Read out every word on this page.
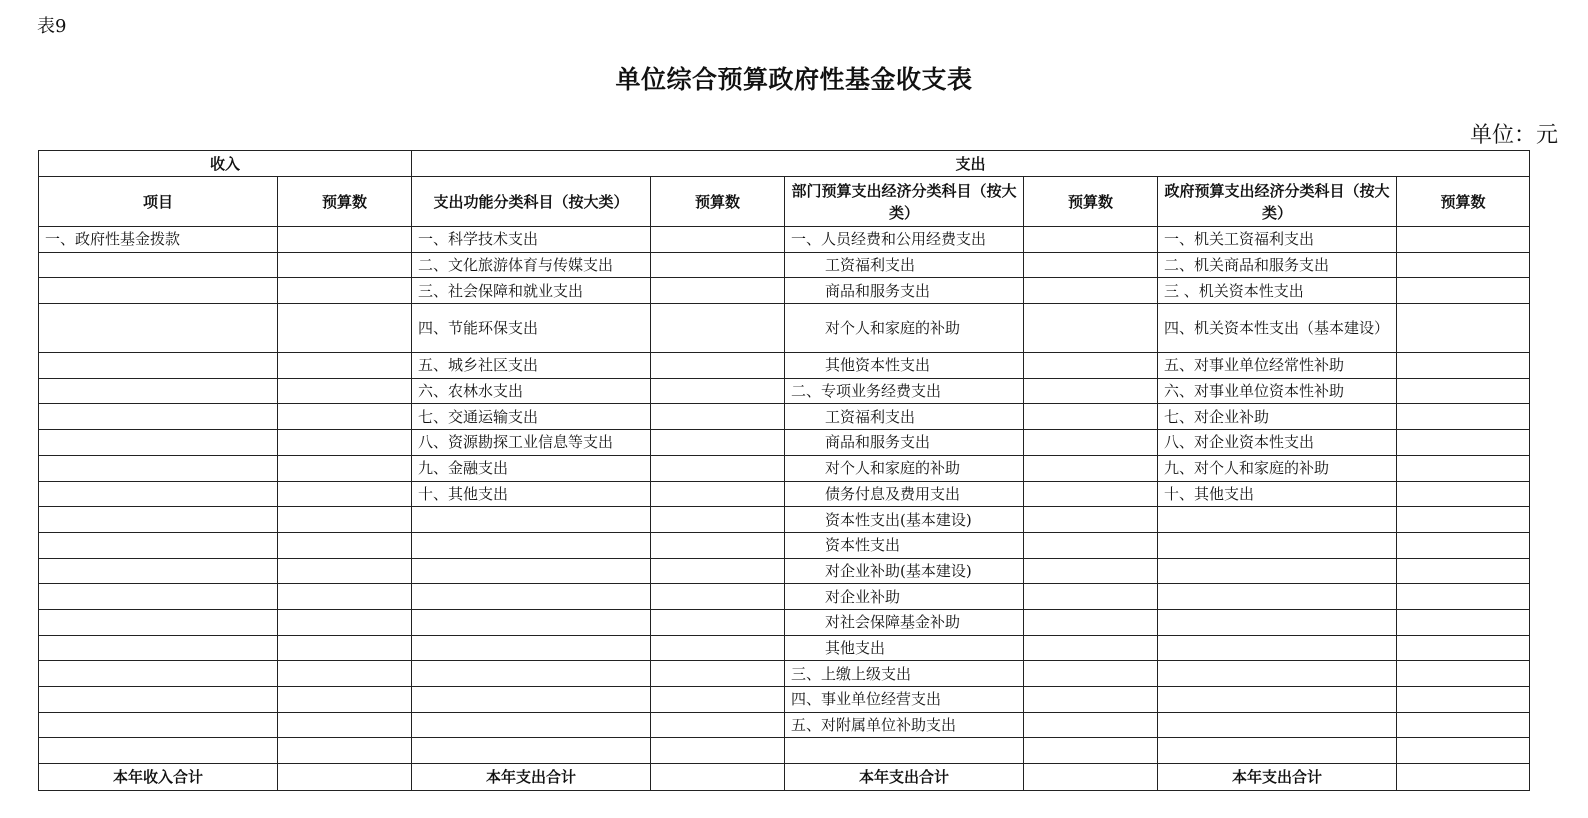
表9
单位综合预算政府性基金收支表
单位：元
收入		支出					
项目	预算数	支出功能分类科目（按大类）	预算数	部门预算支出经济分类科目（按大类）	预算数	政府预算支出经济分类科目（按大类）	预算数
一、政府性基金拨款		一、科学技术支出		一、人员经费和公用经费支出		一、机关工资福利支出	
		二、文化旅游体育与传媒支出		工资福利支出		二、机关商品和服务支出	
		三、社会保障和就业支出		商品和服务支出		三 、机关资本性支出	
		四、节能环保支出		对个人和家庭的补助		四、机关资本性支出（基本建设）	
		五、城乡社区支出		其他资本性支出		五、对事业单位经常性补助	
		六、农林水支出		二、专项业务经费支出		六、对事业单位资本性补助	
		七、交通运输支出		工资福利支出		七、对企业补助	
		八、资源勘探工业信息等支出		商品和服务支出		八、对企业资本性支出	
		九、金融支出		对个人和家庭的补助		九、对个人和家庭的补助	
		十、其他支出		债务付息及费用支出		十、其他支出	
				资本性支出(基本建设)			
				资本性支出			
				对企业补助(基本建设)			
				对企业补助			
				对社会保障基金补助			
				其他支出			
				三、上缴上级支出			
				四、事业单位经营支出			
				五、对附属单位补助支出			

本年收入合计		本年支出合计		本年支出合计		本年支出合计	
